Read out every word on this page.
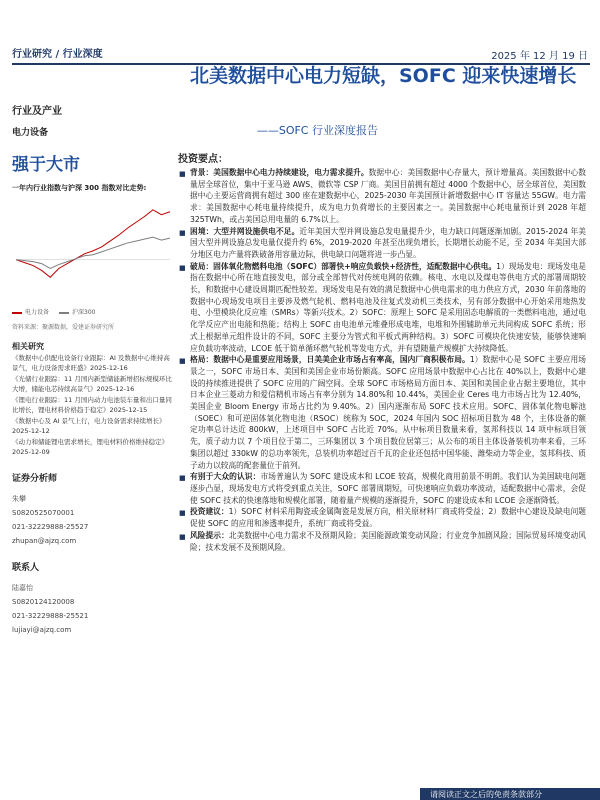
行业研究 / 行业深度	2025 年 12 月 19 日
北美数据中心电力短缺，SOFC 迎来快速增长
——SOFC 行业深度报告
行业及产业
电力设备
强于大市
一年内行业指数与沪深 300 指数对比走势:
电力设备	沪深300
资料来源：聚源数据，爱建证券研究所
相关研究
《数据中心供配电设备行业跟踪：AI 及数据中心维持高景气，电力设备需求旺盛》2025-12-16
《光储行业跟踪：11 月国内新型储能新增招标规模环比大增，储能电芯持续高景气》2025-12-16
《锂电行业跟踪：11 月国内动力电池装车量和出口量同比增长，锂电材料价格趋于稳定》2025-12-15
《数据中心及 AI 景气上行，电力设备需求持续增长》2025-12-12
《动力和储能锂电需求增长，锂电材料价格维持稳定》2025-12-09
证券分析师
朱攀
S0820525070001
021-32229888-25527
zhupan@ajzq.com
联系人
陆嘉怡
S0820124120008
021-32229888-25521
lujiayi@ajzq.com
投资要点：
■ 背景：美国数据中心电力持续建设，电力需求提升。数据中心：美国数据中心存量大，预计增量高。美国数据中心数量居全球首位，集中于亚马逊 AWS、微软等 CSP 厂商。美国目前拥有超过 4000 个数据中心，居全球首位，美国数据中心主要运营商拥有超过 300 座在建数据中心，2025-2030 年美国预计新增数据中心 IT 容量达 55GW。电力需求：美国数据中心耗电量持续提升，成为电力负荷增长的主要因素之一。美国数据中心耗电量预计到 2028 年超 325TWh，或占美国总用电量的 6.7%以上。
■ 困境：大型并网设施供电不足。近年美国大型并网设施总发电量提升少，电力缺口问题逐渐加剧。2015-2024 年美国大型并网设施总发电量仅提升约 6%，2019-2020 年甚至出现负增长，长期增长动能不足，至 2034 年美国大部分地区电力产量将跌破备用容量边际，供电缺口问题将进一步凸显。
■ 破局：固体氧化物燃料电池（SOFC）部署快+响应负载快+经济性，适配数据中心供电。1）现场发电：现场发电是指在数据中心所在地直接发电，部分或全部替代对传统电网的依赖。核电、水电以及煤电等供电方式的部署周期较长，和数据中心建设周期匹配性较差。现场发电是有效的满足数据中心供电需求的电力供应方式，2030 年前落地的数据中心现场发电项目主要涉及燃气轮机、燃料电池及往复式发动机三类技术，另有部分数据中心开始采用地热发电、小型模块化反应堆（SMRs）等新兴技术。2）SOFC：原理上 SOFC 是采用固态电解质的一类燃料电池，通过电化学反应产出电能和热能；结构上 SOFC 由电池单元堆叠形成电堆，电堆和外围辅助单元共同构成 SOFC 系统；形式上根据单元组件设计的不同，SOFC 主要分为管式和平板式两种结构。3）SOFC 可模块化快速安装，能够快速响应负载功率波动，LCOE 低于简单循环燃气轮机等发电方式，并有望随量产规模扩大持续降低。
■ 格局：数据中心是重要应用场景，日美美企业市场占有率高，国内厂商积极布局。1）数据中心是 SOFC 主要应用场景之一，SOFC 市场日本、美国和美国企业市场份额高。SOFC 应用场景中数据中心占比在 40%以上，数据中心建设的持续推进提供了 SOFC 应用的广阔空间。全球 SOFC 市场格局方面日本、美国和美国企业占据主要地位，其中日本企业三菱动力和爱信精机市场占有率分别为 14.80%和 10.44%，美国企业 Ceres 电力市场占比为 12.40%，美国企业 Bloom Energy 市场占比约为 9.40%。2）国内逐渐布局 SOFC 技术应用。SOFC、固体氧化物电解池（SOEC）和可逆固体氧化物电池（RSOC）统称为 SOC，2024 年国内 SOC 招标项目数为 48 个，主体设备的额定功率总计达近 800kW，上述项目中 SOFC 占比近 70%。从中标项目数量来看，氢邦科技以 14 项中标项目领先，质子动力以 7 个项目位于第二，三环集团以 3 个项目数位居第三；从公布的项目主体设备装机功率来看，三环集团以超过 330kW 的总功率领先，总装机功率超过百千瓦的企业还包括中国华能、潍柴动力等企业，氢邦科技、质子动力以较高的配套量位于前列。
■ 有别于大众的认识：市场普遍认为 SOFC 建设成本和 LCOE 较高，规模化商用前景不明朗。我们认为美国缺电问题逐步凸显，现场发电方式将受到重点关注，SOFC 部署周期短，可快速响应负载功率波动，适配数据中心需求，会促使 SOFC 技术的快速落地和规模化部署，随着量产规模的逐渐提升，SOFC 的建设成本和 LCOE 会逐渐降低。
■ 投资建议：1）SOFC 材料采用陶瓷或金属陶瓷是发展方向，相关原材料厂商或将受益；2）数据中心建设及缺电问题促使 SOFC 的应用和渗透率提升，系统厂商或将受益。
■ 风险提示：北美数据中心电力需求不及预期风险；美国能源政策变动风险；行业竞争加剧风险；国际贸易环境变动风险；技术发展不及预期风险。
请阅读正文之后的免责条款部分
